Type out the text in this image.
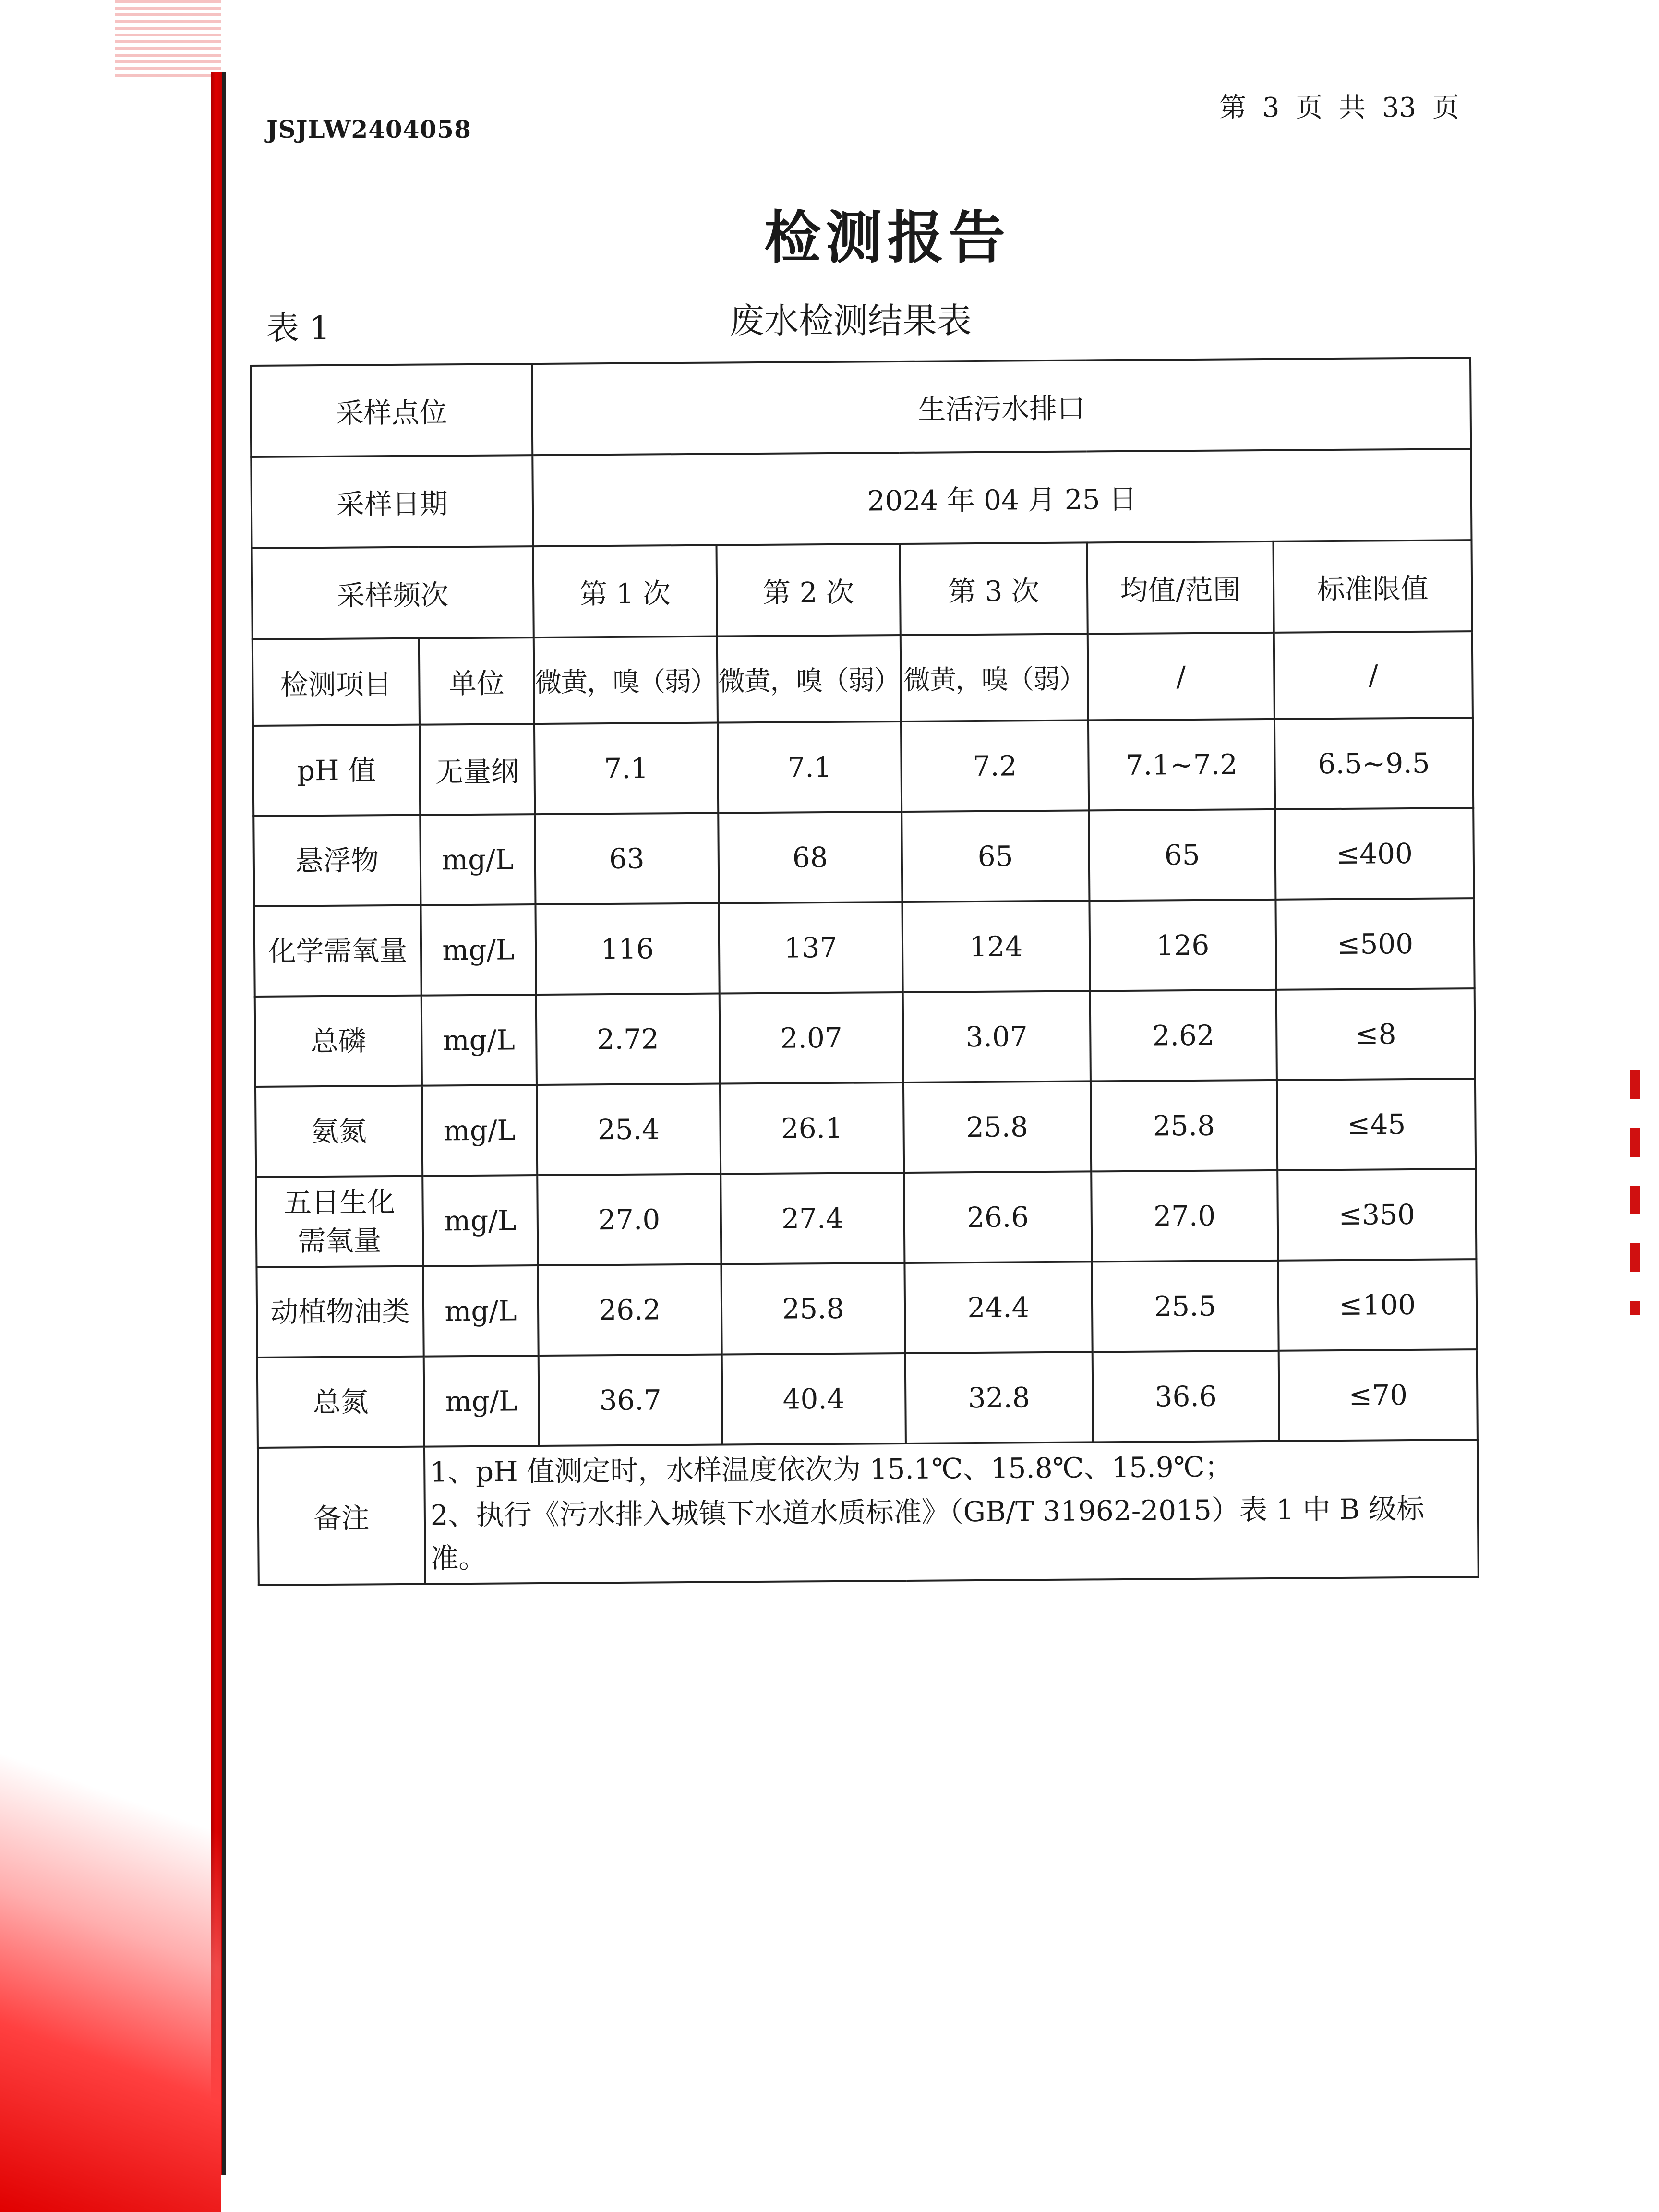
JSJLW2404058
第 3 页 共 33 页
检测报告
表 1	废水检测结果表
采样点位		生活污水排口				
采样日期		2024 年 04 月 25 日				
采样频次		第 1 次	第 2 次	第 3 次	均值/范围	标准限值
检测项目	单位	微黄，嗅（弱）	微黄，嗅（弱）	微黄，嗅（弱）	/	/
pH 值	无量纲	7.1	7.1	7.2	7.1~7.2	6.5~9.5
悬浮物	mg/L	63	68	65	65	≤400
化学需氧量	mg/L	116	137	124	126	≤500
总磷	mg/L	2.72	2.07	3.07	2.62	≤8
氨氮	mg/L	25.4	26.1	25.8	25.8	≤45
五日生化
需氧量	mg/L	27.0	27.4	26.6	27.0	≤350
动植物油类	mg/L	26.2	25.8	24.4	25.5	≤100
总氮	mg/L	36.7	40.4	32.8	36.6	≤70
备注	1、pH 值测定时，水样温度依次为 15.1℃、15.8℃、15.9℃；
2、执行《污水排入城镇下水道水质标准》（GB/T 31962-2015）表 1 中 B 级标准。					
